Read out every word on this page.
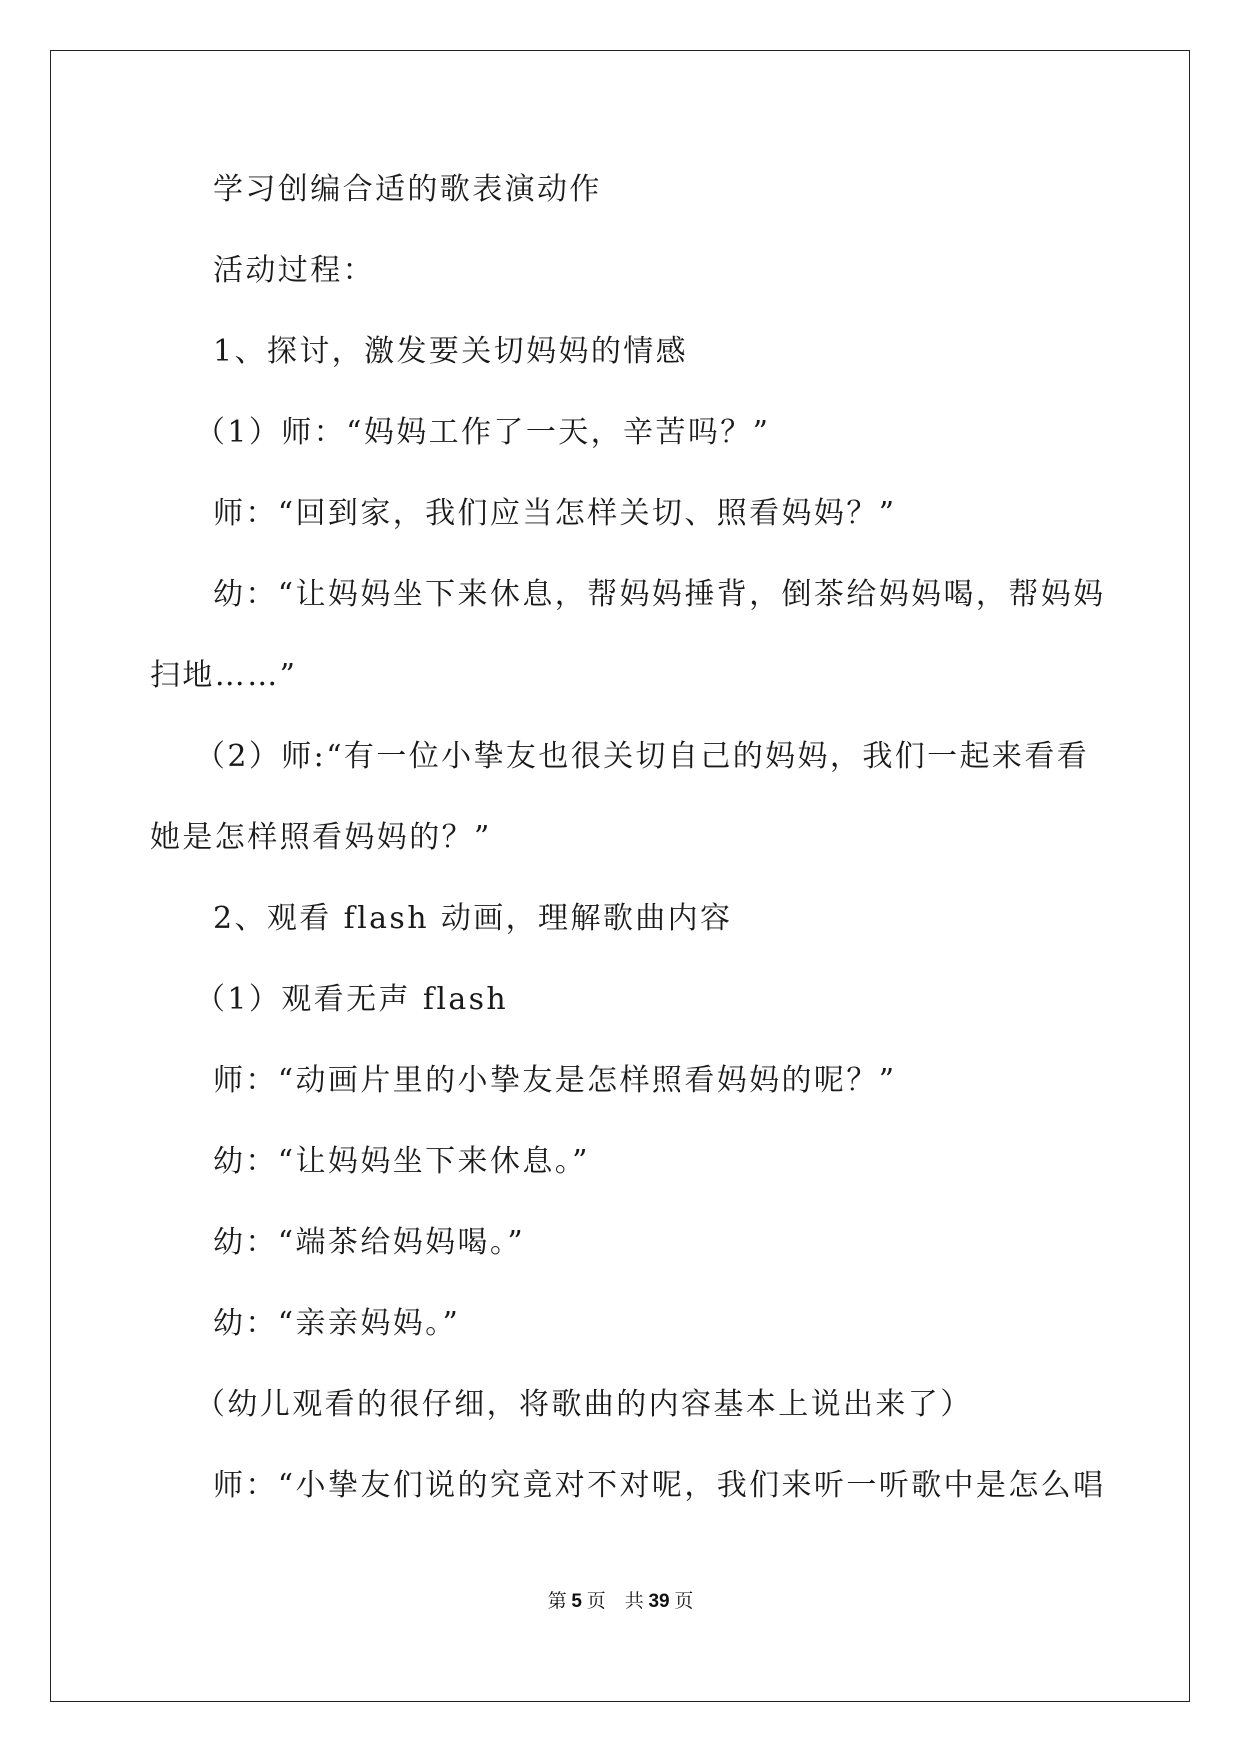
学习创编合适的歌表演动作
活动过程：
1、探讨，激发要关切妈妈的情感
（1）师：“妈妈工作了一天，辛苦吗？”
师：“回到家，我们应当怎样关切、照看妈妈？”
幼：“让妈妈坐下来休息，帮妈妈捶背，倒茶给妈妈喝，帮妈妈
扫地……”
（2）师:“有一位小挚友也很关切自己的妈妈，我们一起来看看
她是怎样照看妈妈的？”
2、观看 flash 动画，理解歌曲内容
（1）观看无声 flash
师：“动画片里的小挚友是怎样照看妈妈的呢？”
幼：“让妈妈坐下来休息。”
幼：“端茶给妈妈喝。”
幼：“亲亲妈妈。”
（幼儿观看的很仔细，将歌曲的内容基本上说出来了）
师：“小挚友们说的究竟对不对呢，我们来听一听歌中是怎么唱
第 5 页 共 39 页
